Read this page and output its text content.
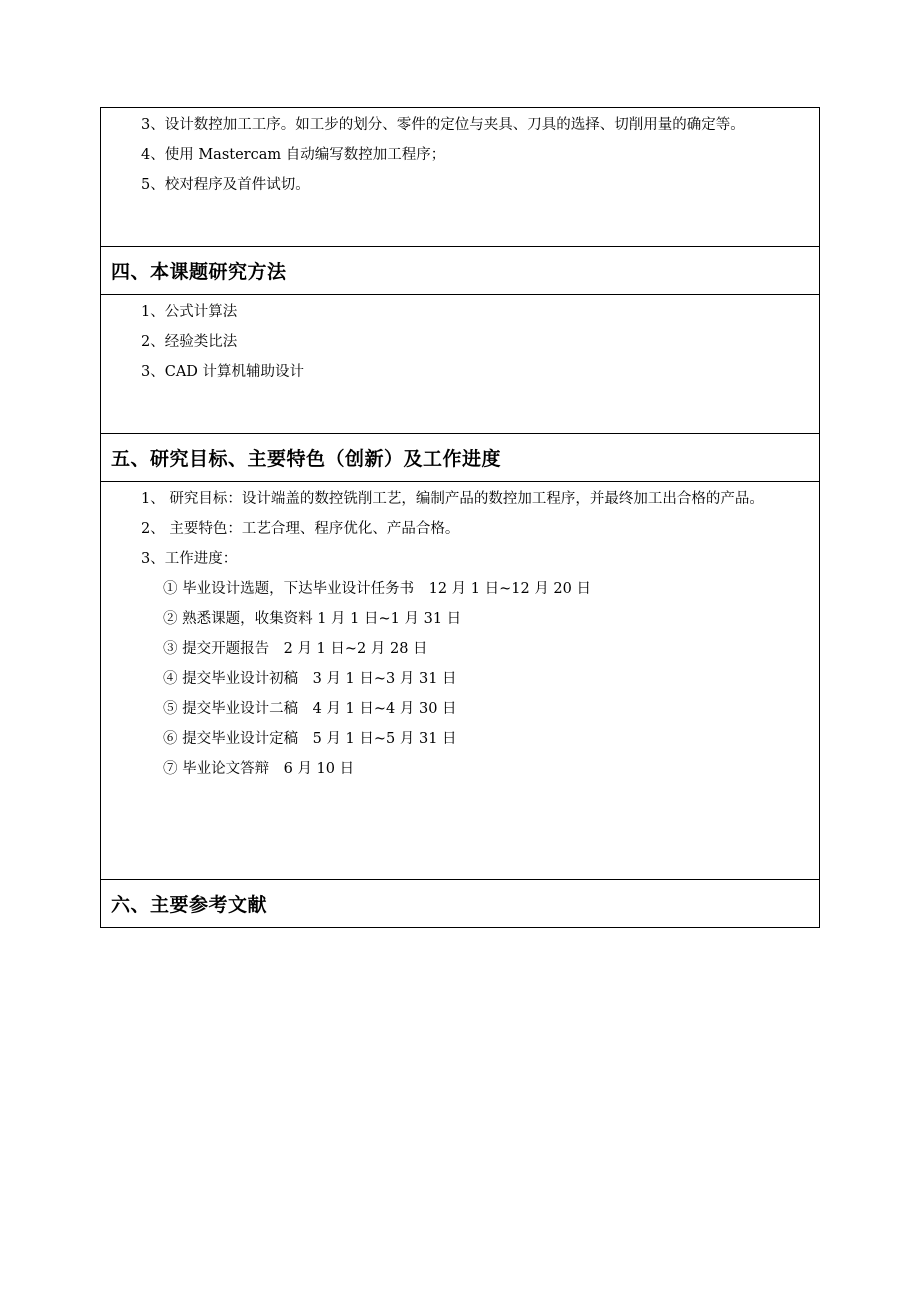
3、设计数控加工工序。如工步的划分、零件的定位与夹具、刀具的选择、切削用量的确定等。
4、使用 Mastercam 自动编写数控加工程序；
5、校对程序及首件试切。

四、本课题研究方法

1、公式计算法
2、经验类比法
3、CAD 计算机辅助设计

五、研究目标、主要特色（创新）及工作进度

1、 研究目标：设计端盖的数控铣削工艺，编制产品的数控加工程序，并最终加工出合格的产品。
2、 主要特色：工艺合理、程序优化、产品合格。
3、工作进度：
① 毕业设计选题，下达毕业设计任务书　12 月 1 日~12 月 20 日
② 熟悉课题，收集资料 1 月 1 日~1 月 31 日
③ 提交开题报告　2 月 1 日~2 月 28 日
④ 提交毕业设计初稿　3 月 1 日~3 月 31 日
⑤ 提交毕业设计二稿　4 月 1 日~4 月 30 日
⑥ 提交毕业设计定稿　5 月 1 日~5 月 31 日
⑦ 毕业论文答辩　6 月 10 日

六、主要参考文献
